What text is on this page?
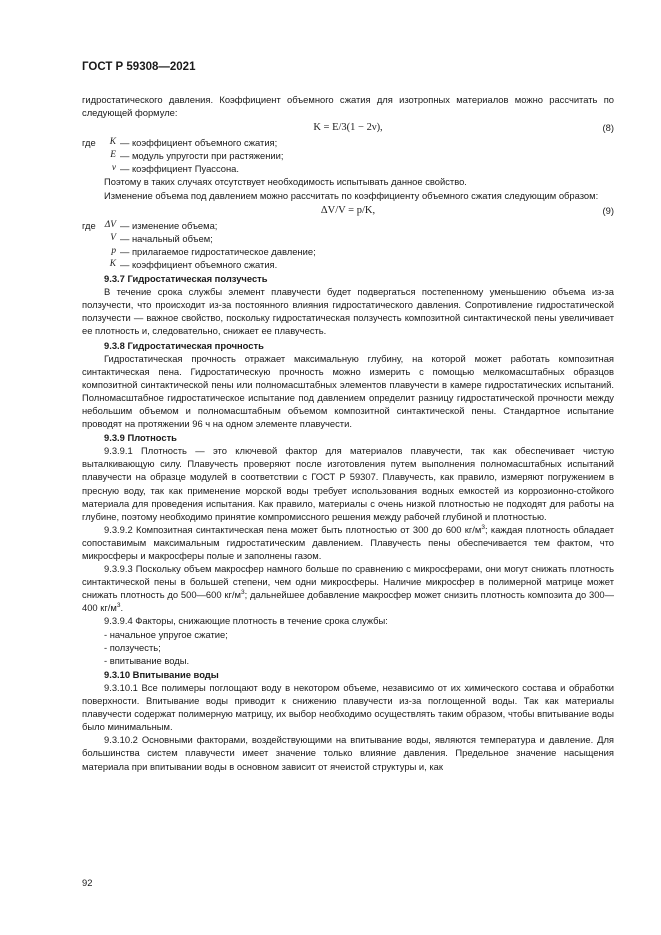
ГОСТ Р 59308—2021

гидростатического давления. Коэффициент объемного сжатия для изотропных материалов можно рассчитать по следующей формуле:

K = E/3(1 − 2ν),	(8)
где	K — коэффициент объемного сжатия;
E — модуль упругости при растяжении;
ν — коэффициент Пуассона.

Поэтому в таких случаях отсутствует необходимость испытывать данное свойство.

Изменение объема под давлением можно рассчитать по коэффициенту объемного сжатия следующим образом:

ΔV/V = p/K,	(9)
где ΔV — изменение объема;
V — начальный объем;
p — прилагаемое гидростатическое давление;
K — коэффициент объемного сжатия.

9.3.7 Гидростатическая ползучесть

В течение срока службы элемент плавучести будет подвергаться постепенному уменьшению объема из-за ползучести, что происходит из-за постоянного влияния гидростатического давления. Сопротивление гидростатической ползучести — важное свойство, поскольку гидростатическая ползучесть композитной синтактической пены увеличивает ее плотность и, следовательно, снижает ее плавучесть.

9.3.8 Гидростатическая прочность

Гидростатическая прочность отражает максимальную глубину, на которой может работать композитная синтактическая пена. Гидростатическую прочность можно измерить с помощью мелкомасштабных образцов композитной синтактической пены или полномасштабных элементов плавучести в камере гидростатических испытаний. Полномасштабное гидростатическое испытание под давлением определит разницу гидростатической прочности между небольшим объемом и полномасштабным объемом композитной синтактической пены. Стандартное испытание проводят на протяжении 96 ч на одном элементе плавучести.

9.3.9 Плотность

9.3.9.1 Плотность — это ключевой фактор для материалов плавучести, так как обеспечивает чистую выталкивающую силу. Плавучесть проверяют после изготовления путем выполнения полномасштабных испытаний плавучести на образце модулей в соответствии с ГОСТ Р 59307. Плавучесть, как правило, измеряют погружением в пресную воду, так как применение морской воды требует использования водных емкостей из коррозионно-стойкого материала для проведения испытания. Как правило, материалы с очень низкой плотностью не подходят для работы на глубине, поэтому необходимо принятие компромиссного решения между рабочей глубиной и плотностью.

9.3.9.2 Композитная синтактическая пена может быть плотностью от 300 до 600 $кг/м^3$; каждая плотность обладает сопоставимым максимальным гидростатическим давлением. Плавучесть пены обеспечивается тем фактом, что микросферы и макросферы полые и заполнены газом.

9.3.9.3 Поскольку объем макросфер намного больше по сравнению с микросферами, они могут снижать плотность синтактической пены в большей степени, чем одни микросферы. Наличие микросфер в полимерной матрице может снижать плотность до 500—600 $кг/м^3$; дальнейшее добавление макросфер может снизить плотность композита до 300—400 $кг/м^3$.

9.3.9.4 Факторы, снижающие плотность в течение срока службы:

- начальное упругое сжатие;
- ползучесть;
- впитывание воды.

9.3.10 Впитывание воды

9.3.10.1 Все полимеры поглощают воду в некотором объеме, независимо от их химического состава и обработки поверхности. Впитывание воды приводит к снижению плавучести из-за поглощенной воды. Так как материалы плавучести содержат полимерную матрицу, их выбор необходимо осуществлять таким образом, чтобы впитывание воды было минимальным.

9.3.10.2 Основными факторами, воздействующими на впитывание воды, являются температура и давление. Для большинства систем плавучести имеет значение только влияние давления. Предельное значение насыщения материала при впитывании воды в основном зависит от ячеистой структуры и, как

92
